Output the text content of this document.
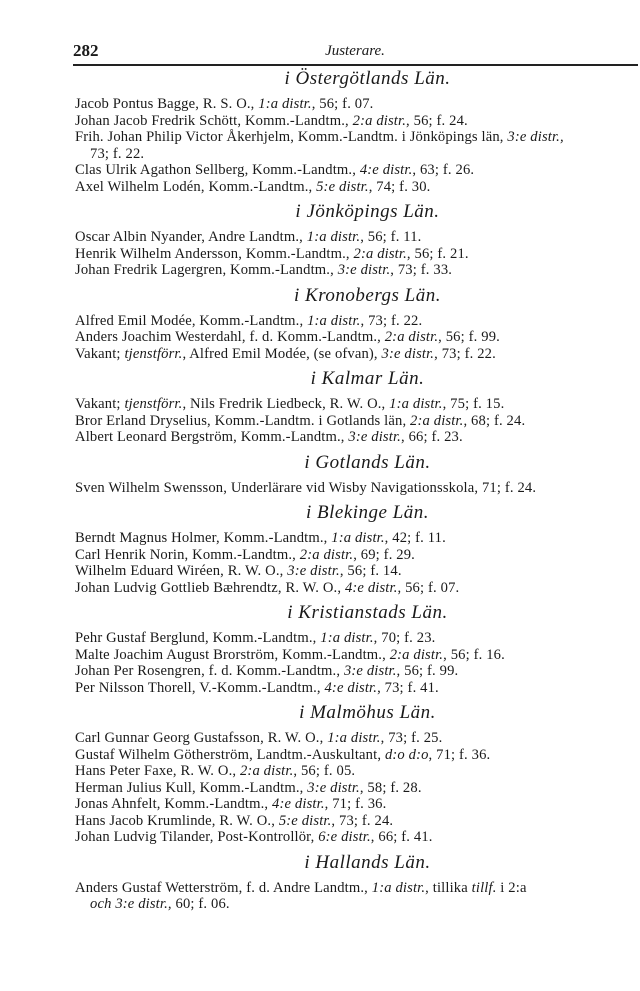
282	Justerare.
i Östergötlands Län.
Jacob Pontus Bagge, R. S. O., 1:a distr., 56; f. 07.
Johan Jacob Fredrik Schött, Komm.-Landtm., 2:a distr., 56; f. 24.
Frih. Johan Philip Victor Åkerhjelm, Komm.-Landtm. i Jönköpings län, 3:e distr.,
73; f. 22.
Clas Ulrik Agathon Sellberg, Komm.-Landtm., 4:e distr., 63; f. 26.
Axel Wilhelm Lodén, Komm.-Landtm., 5:e distr., 74; f. 30.
i Jönköpings Län.
Oscar Albin Nyander, Andre Landtm., 1:a distr., 56; f. 11.
Henrik Wilhelm Andersson, Komm.-Landtm., 2:a distr., 56; f. 21.
Johan Fredrik Lagergren, Komm.-Landtm., 3:e distr., 73; f. 33.
i Kronobergs Län.
Alfred Emil Modée, Komm.-Landtm., 1:a distr., 73; f. 22.
Anders Joachim Westerdahl, f. d. Komm.-Landtm., 2:a distr., 56; f. 99.
Vakant; tjenstförr., Alfred Emil Modée, (se ofvan), 3:e distr., 73; f. 22.
i Kalmar Län.
Vakant; tjenstförr., Nils Fredrik Liedbeck, R. W. O., 1:a distr., 75; f. 15.
Bror Erland Dryselius, Komm.-Landtm. i Gotlands län, 2:a distr., 68; f. 24.
Albert Leonard Bergström, Komm.-Landtm., 3:e distr., 66; f. 23.
i Gotlands Län.
Sven Wilhelm Swensson, Underlärare vid Wisby Navigationsskola, 71; f. 24.
i Blekinge Län.
Berndt Magnus Holmer, Komm.-Landtm., 1:a distr., 42; f. 11.
Carl Henrik Norin, Komm.-Landtm., 2:a distr., 69; f. 29.
Wilhelm Eduard Wiréen, R. W. O., 3:e distr., 56; f. 14.
Johan Ludvig Gottlieb Bæhrendtz, R. W. O., 4:e distr., 56; f. 07.
i Kristianstads Län.
Pehr Gustaf Berglund, Komm.-Landtm., 1:a distr., 70; f. 23.
Malte Joachim August Brorström, Komm.-Landtm., 2:a distr., 56; f. 16.
Johan Per Rosengren, f. d. Komm.-Landtm., 3:e distr., 56; f. 99.
Per Nilsson Thorell, V.-Komm.-Landtm., 4:e distr., 73; f. 41.
i Malmöhus Län.
Carl Gunnar Georg Gustafsson, R. W. O., 1:a distr., 73; f. 25.
Gustaf Wilhelm Götherström, Landtm.-Auskultant, d:o d:o, 71; f. 36.
Hans Peter Faxe, R. W. O., 2:a distr., 56; f. 05.
Herman Julius Kull, Komm.-Landtm., 3:e distr., 58; f. 28.
Jonas Ahnfelt, Komm.-Landtm., 4:e distr., 71; f. 36.
Hans Jacob Krumlinde, R. W. O., 5:e distr., 73; f. 24.
Johan Ludvig Tilander, Post-Kontrollör, 6:e distr., 66; f. 41.
i Hallands Län.
Anders Gustaf Wetterström, f. d. Andre Landtm., 1:a distr., tillika tillf. i 2:a
och 3:e distr., 60; f. 06.
